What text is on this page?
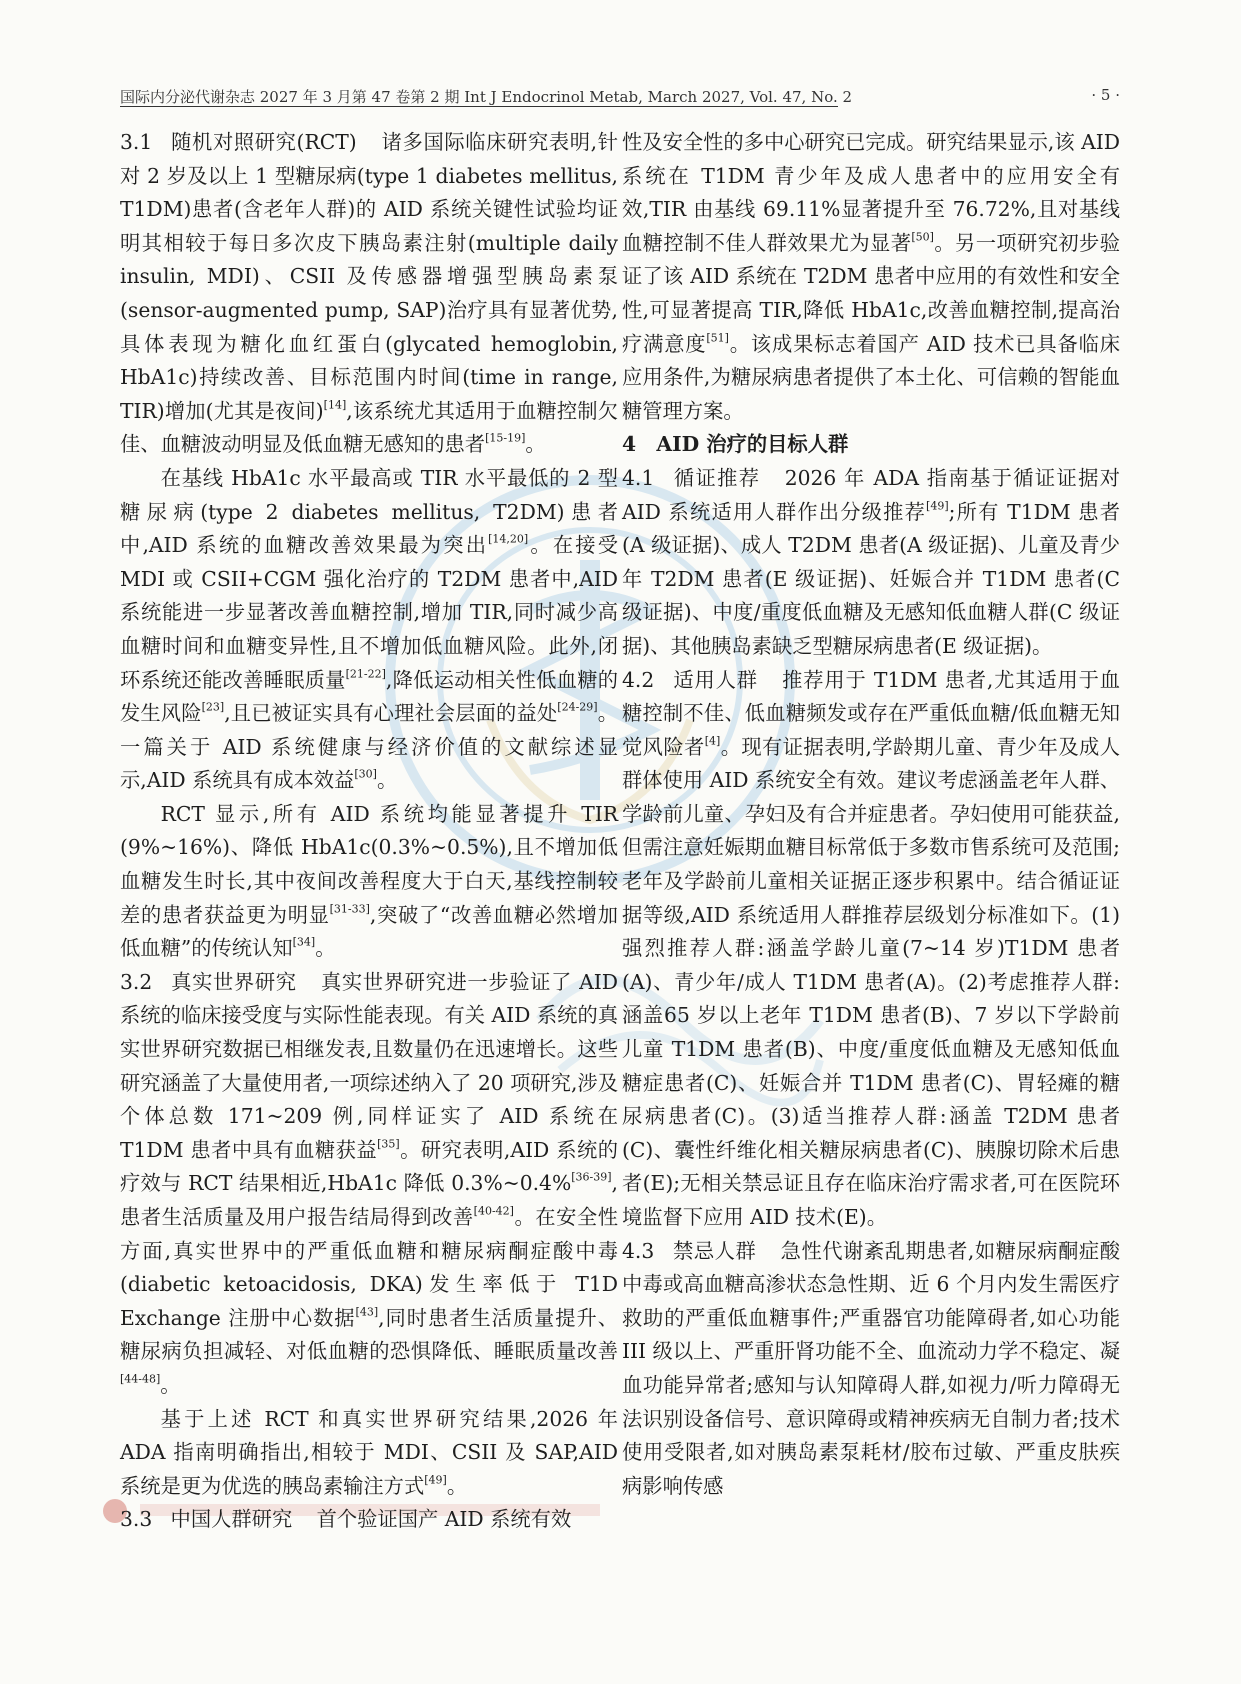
国际内分泌代谢杂志 2027 年 3 月第 47 卷第 2 期 Int J Endocrinol Metab, March 2027, Vol. 47, No. 2	· 5 ·

3.1 随机对照研究(RCT) 诸多国际临床研究表明,针对 2 岁及以上 1 型糖尿病(type 1 diabetes mellitus, T1DM)患者(含老年人群)的 AID 系统关键性试验均证明其相较于每日多次皮下胰岛素注射(multiple daily insulin, MDI)、CSII 及传感器增强型胰岛素泵(sensor-augmented pump, SAP)治疗具有显著优势,具体表现为糖化血红蛋白(glycated hemoglobin, HbA1c)持续改善、目标范围内时间(time in range, TIR)增加(尤其是夜间)[14],该系统尤其适用于血糖控制欠佳、血糖波动明显及低血糖无感知的患者[15-19]。

在基线 HbA1c 水平最高或 TIR 水平最低的 2 型糖尿病(type 2 diabetes mellitus, T2DM)患者中,AID 系统的血糖改善效果最为突出[14,20]。在接受 MDI 或 CSII+CGM 强化治疗的 T2DM 患者中,AID 系统能进一步显著改善血糖控制,增加 TIR,同时减少高血糖时间和血糖变异性,且不增加低血糖风险。此外,闭环系统还能改善睡眠质量[21-22],降低运动相关性低血糖的发生风险[23],且已被证实具有心理社会层面的益处[24-29]。一篇关于 AID 系统健康与经济价值的文献综述显示,AID 系统具有成本效益[30]。

RCT 显示,所有 AID 系统均能显著提升 TIR (9%~16%)、降低 HbA1c(0.3%~0.5%),且不增加低血糖发生时长,其中夜间改善程度大于白天,基线控制较差的患者获益更为明显[31-33],突破了“改善血糖必然增加低血糖”的传统认知[34]。

3.2 真实世界研究 真实世界研究进一步验证了 AID 系统的临床接受度与实际性能表现。有关 AID 系统的真实世界研究数据已相继发表,且数量仍在迅速增长。这些研究涵盖了大量使用者,一项综述纳入了 20 项研究,涉及个体总数 171~209 例,同样证实了 AID 系统在 T1DM 患者中具有血糖获益[35]。研究表明,AID 系统的疗效与 RCT 结果相近,HbA1c 降低 0.3%~0.4%[36-39],患者生活质量及用户报告结局得到改善[40-42]。在安全性方面,真实世界中的严重低血糖和糖尿病酮症酸中毒(diabetic ketoacidosis, DKA)发生率低于 T1D Exchange 注册中心数据[43],同时患者生活质量提升、糖尿病负担减轻、对低血糖的恐惧降低、睡眠质量改善[44-48]。

基于上述 RCT 和真实世界研究结果,2026 年 ADA 指南明确指出,相较于 MDI、CSII 及 SAP,AID 系统是更为优选的胰岛素输注方式[49]。

3.3 中国人群研究 首个验证国产 AID 系统有效

性及安全性的多中心研究已完成。研究结果显示,该 AID 系统在 T1DM 青少年及成人患者中的应用安全有效,TIR 由基线 69.11%显著提升至 76.72%,且对基线血糖控制不佳人群效果尤为显著[50]。另一项研究初步验证了该 AID 系统在 T2DM 患者中应用的有效性和安全性,可显著提高 TIR,降低 HbA1c,改善血糖控制,提高治疗满意度[51]。该成果标志着国产 AID 技术已具备临床应用条件,为糖尿病患者提供了本土化、可信赖的智能血糖管理方案。

4 AID 治疗的目标人群

4.1 循证推荐 2026 年 ADA 指南基于循证证据对 AID 系统适用人群作出分级推荐[49];所有 T1DM 患者(A 级证据)、成人 T2DM 患者(A 级证据)、儿童及青少年 T2DM 患者(E 级证据)、妊娠合并 T1DM 患者(C 级证据)、中度/重度低血糖及无感知低血糖人群(C 级证据)、其他胰岛素缺乏型糖尿病患者(E 级证据)。

4.2 适用人群 推荐用于 T1DM 患者,尤其适用于血糖控制不佳、低血糖频发或存在严重低血糖/低血糖无知觉风险者[4]。现有证据表明,学龄期儿童、青少年及成人群体使用 AID 系统安全有效。建议考虑涵盖老年人群、学龄前儿童、孕妇及有合并症患者。孕妇使用可能获益,但需注意妊娠期血糖目标常低于多数市售系统可及范围;老年及学龄前儿童相关证据正逐步积累中。结合循证证据等级,AID 系统适用人群推荐层级划分标准如下。(1)强烈推荐人群:涵盖学龄儿童(7~14 岁)T1DM 患者(A)、青少年/成人 T1DM 患者(A)。(2)考虑推荐人群:涵盖65 岁以上老年 T1DM 患者(B)、7 岁以下学龄前儿童 T1DM 患者(B)、中度/重度低血糖及无感知低血糖症患者(C)、妊娠合并 T1DM 患者(C)、胃轻瘫的糖尿病患者(C)。(3)适当推荐人群:涵盖 T2DM 患者(C)、囊性纤维化相关糖尿病患者(C)、胰腺切除术后患者(E);无相关禁忌证且存在临床治疗需求者,可在医院环境监督下应用 AID 技术(E)。

4.3 禁忌人群 急性代谢紊乱期患者,如糖尿病酮症酸中毒或高血糖高渗状态急性期、近 6 个月内发生需医疗救助的严重低血糖事件;严重器官功能障碍者,如心功能 III 级以上、严重肝肾功能不全、血流动力学不稳定、凝血功能异常者;感知与认知障碍人群,如视力/听力障碍无法识别设备信号、意识障碍或精神疾病无自制力者;技术使用受限者,如对胰岛素泵耗材/胶布过敏、严重皮肤疾病影响传感
